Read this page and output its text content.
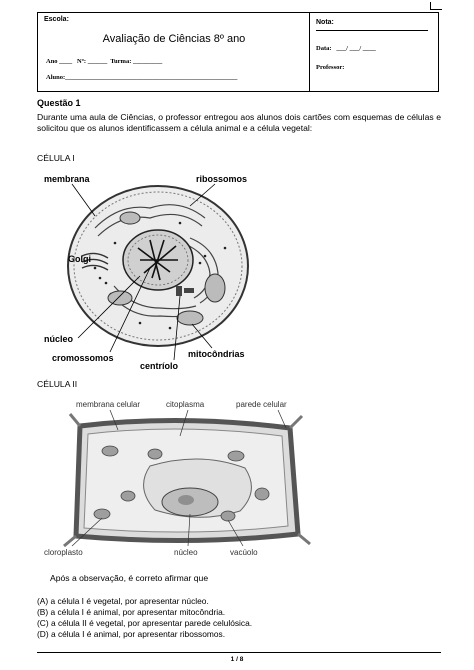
Escola:
Avaliação de Ciências 8º ano
Ano ____   Nº: ______  Turma: _________
Aluno:_____________________________________________________
Nota:
Data:   ___/ ___/ ____
Professor:
Questão 1
Durante uma aula de Ciências, o professor entregou aos alunos dois cartões com esquemas de células e solicitou que os alunos identificassem a célula animal e a célula vegetal:
CÉLULA I
membrana	ribossomos
Golgi
núcleo
cromossomos
centríolo
mitocôndrias
CÉLULA II
membrana celular	citoplasma	parede celular
cloroplasto	núcleo	vacúolo
Após a observação, é correto afirmar que
(A) a célula I é vegetal, por apresentar núcleo.
(B) a célula I é animal, por apresentar mitocôndria.
(C) a célula II é vegetal, por apresentar parede celulósica.
(D) a célula I é animal, por apresentar ribossomos.
1 / 8
